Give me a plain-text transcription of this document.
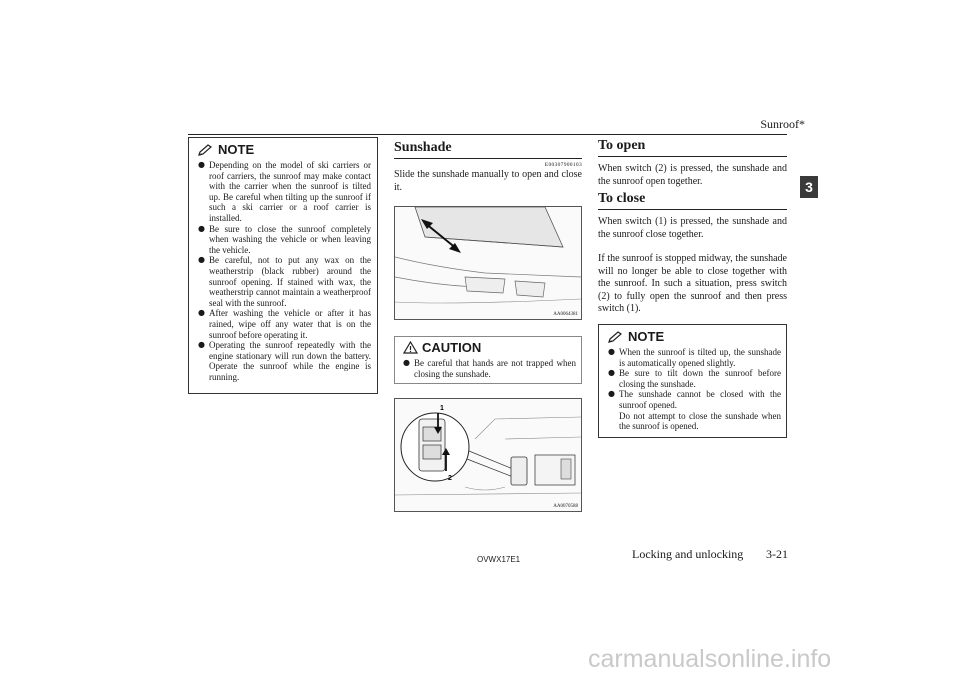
Sunroof*
3
NOTE
● Depending on the model of ski carriers or roof carriers, the sunroof may make contact with the carrier when the sunroof is tilted up. Be careful when tilting up the sunroof if such a ski carrier or a roof carrier is installed.
● Be sure to close the sunroof completely when washing the vehicle or when leaving the vehicle.
● Be careful, not to put any wax on the weatherstrip (black rubber) around the sunroof opening. If stained with wax, the weatherstrip cannot maintain a weatherproof seal with the sunroof.
● After washing the vehicle or after it has rained, wipe off any water that is on the sunroof before operating it.
● Operating the sunroof repeatedly with the engine stationary will run down the battery. Operate the sunroof while the engine is running.
Sunshade
E00307900103
Slide the sunshade manually to open and close it.
AA0064381
CAUTION
● Be careful that hands are not trapped when closing the sunshade.
1
2
AA0070588
To open
When switch (2) is pressed, the sunshade and the sunroof open together.
To close
When switch (1) is pressed, the sunshade and the sunroof close together.
If the sunroof is stopped midway, the sunshade will no longer be able to close together with the sunroof. In such a situation, press switch (2) to fully open the sunroof and then press switch (1).
NOTE
● When the sunroof is tilted up, the sunshade is automatically opened slightly.
● Be sure to tilt down the sunroof before closing the sunshade.
● The sunshade cannot be closed with the sunroof opened.
Do not attempt to close the sunshade when the sunroof is opened.
OVWX17E1	Locking and unlocking 3-21
carmanualsonline.info
